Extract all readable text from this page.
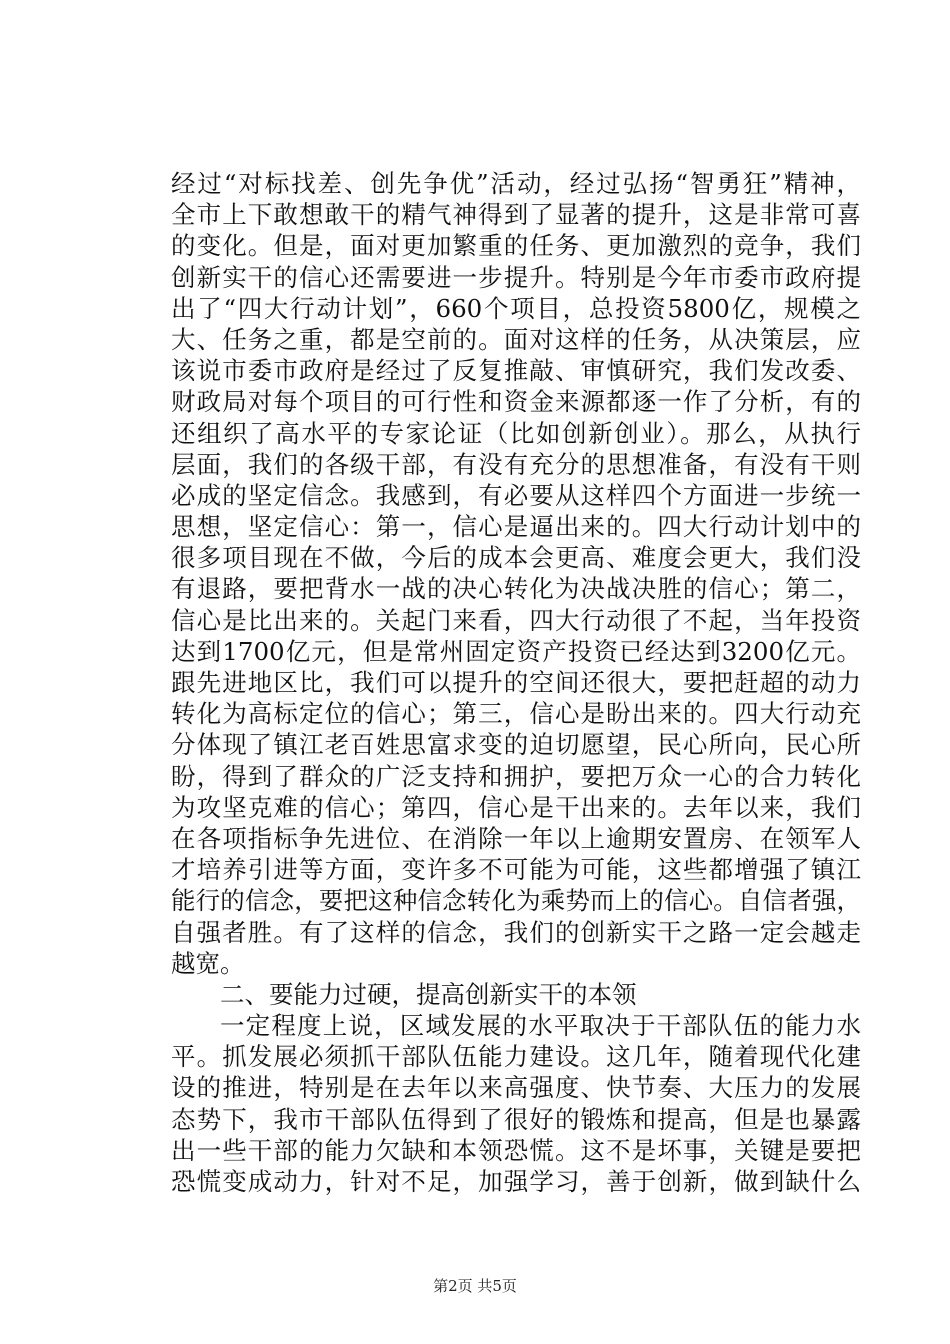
经过“对标找差、创先争优”活动，经过弘扬“智勇狂”精神，
全市上下敢想敢干的精气神得到了显著的提升，这是非常可喜
的变化。但是，面对更加繁重的任务、更加激烈的竞争，我们
创新实干的信心还需要进一步提升。特别是今年市委市政府提
出了“四大行动计划”，660个项目，总投资5800亿，规模之
大、任务之重，都是空前的。面对这样的任务，从决策层，应
该说市委市政府是经过了反复推敲、审慎研究，我们发改委、
财政局对每个项目的可行性和资金来源都逐一作了分析，有的
还组织了高水平的专家论证（比如创新创业）。那么，从执行
层面，我们的各级干部，有没有充分的思想准备，有没有干则
必成的坚定信念。我感到，有必要从这样四个方面进一步统一
思想，坚定信心：第一，信心是逼出来的。四大行动计划中的
很多项目现在不做，今后的成本会更高、难度会更大，我们没
有退路，要把背水一战的决心转化为决战决胜的信心；第二，
信心是比出来的。关起门来看，四大行动很了不起，当年投资
达到1700亿元，但是常州固定资产投资已经达到3200亿元。
跟先进地区比，我们可以提升的空间还很大，要把赶超的动力
转化为高标定位的信心；第三，信心是盼出来的。四大行动充
分体现了镇江老百姓思富求变的迫切愿望，民心所向，民心所
盼，得到了群众的广泛支持和拥护，要把万众一心的合力转化
为攻坚克难的信心；第四，信心是干出来的。去年以来，我们
在各项指标争先进位、在消除一年以上逾期安置房、在领军人
才培养引进等方面，变许多不可能为可能，这些都增强了镇江
能行的信念，要把这种信念转化为乘势而上的信心。自信者强，
自强者胜。有了这样的信念，我们的创新实干之路一定会越走
越宽。
二、要能力过硬，提高创新实干的本领
一定程度上说，区域发展的水平取决于干部队伍的能力水
平。抓发展必须抓干部队伍能力建设。这几年，随着现代化建
设的推进，特别是在去年以来高强度、快节奏、大压力的发展
态势下，我市干部队伍得到了很好的锻炼和提高，但是也暴露
出一些干部的能力欠缺和本领恐慌。这不是坏事，关键是要把
恐慌变成动力，针对不足，加强学习，善于创新，做到缺什么
第2页 共5页
